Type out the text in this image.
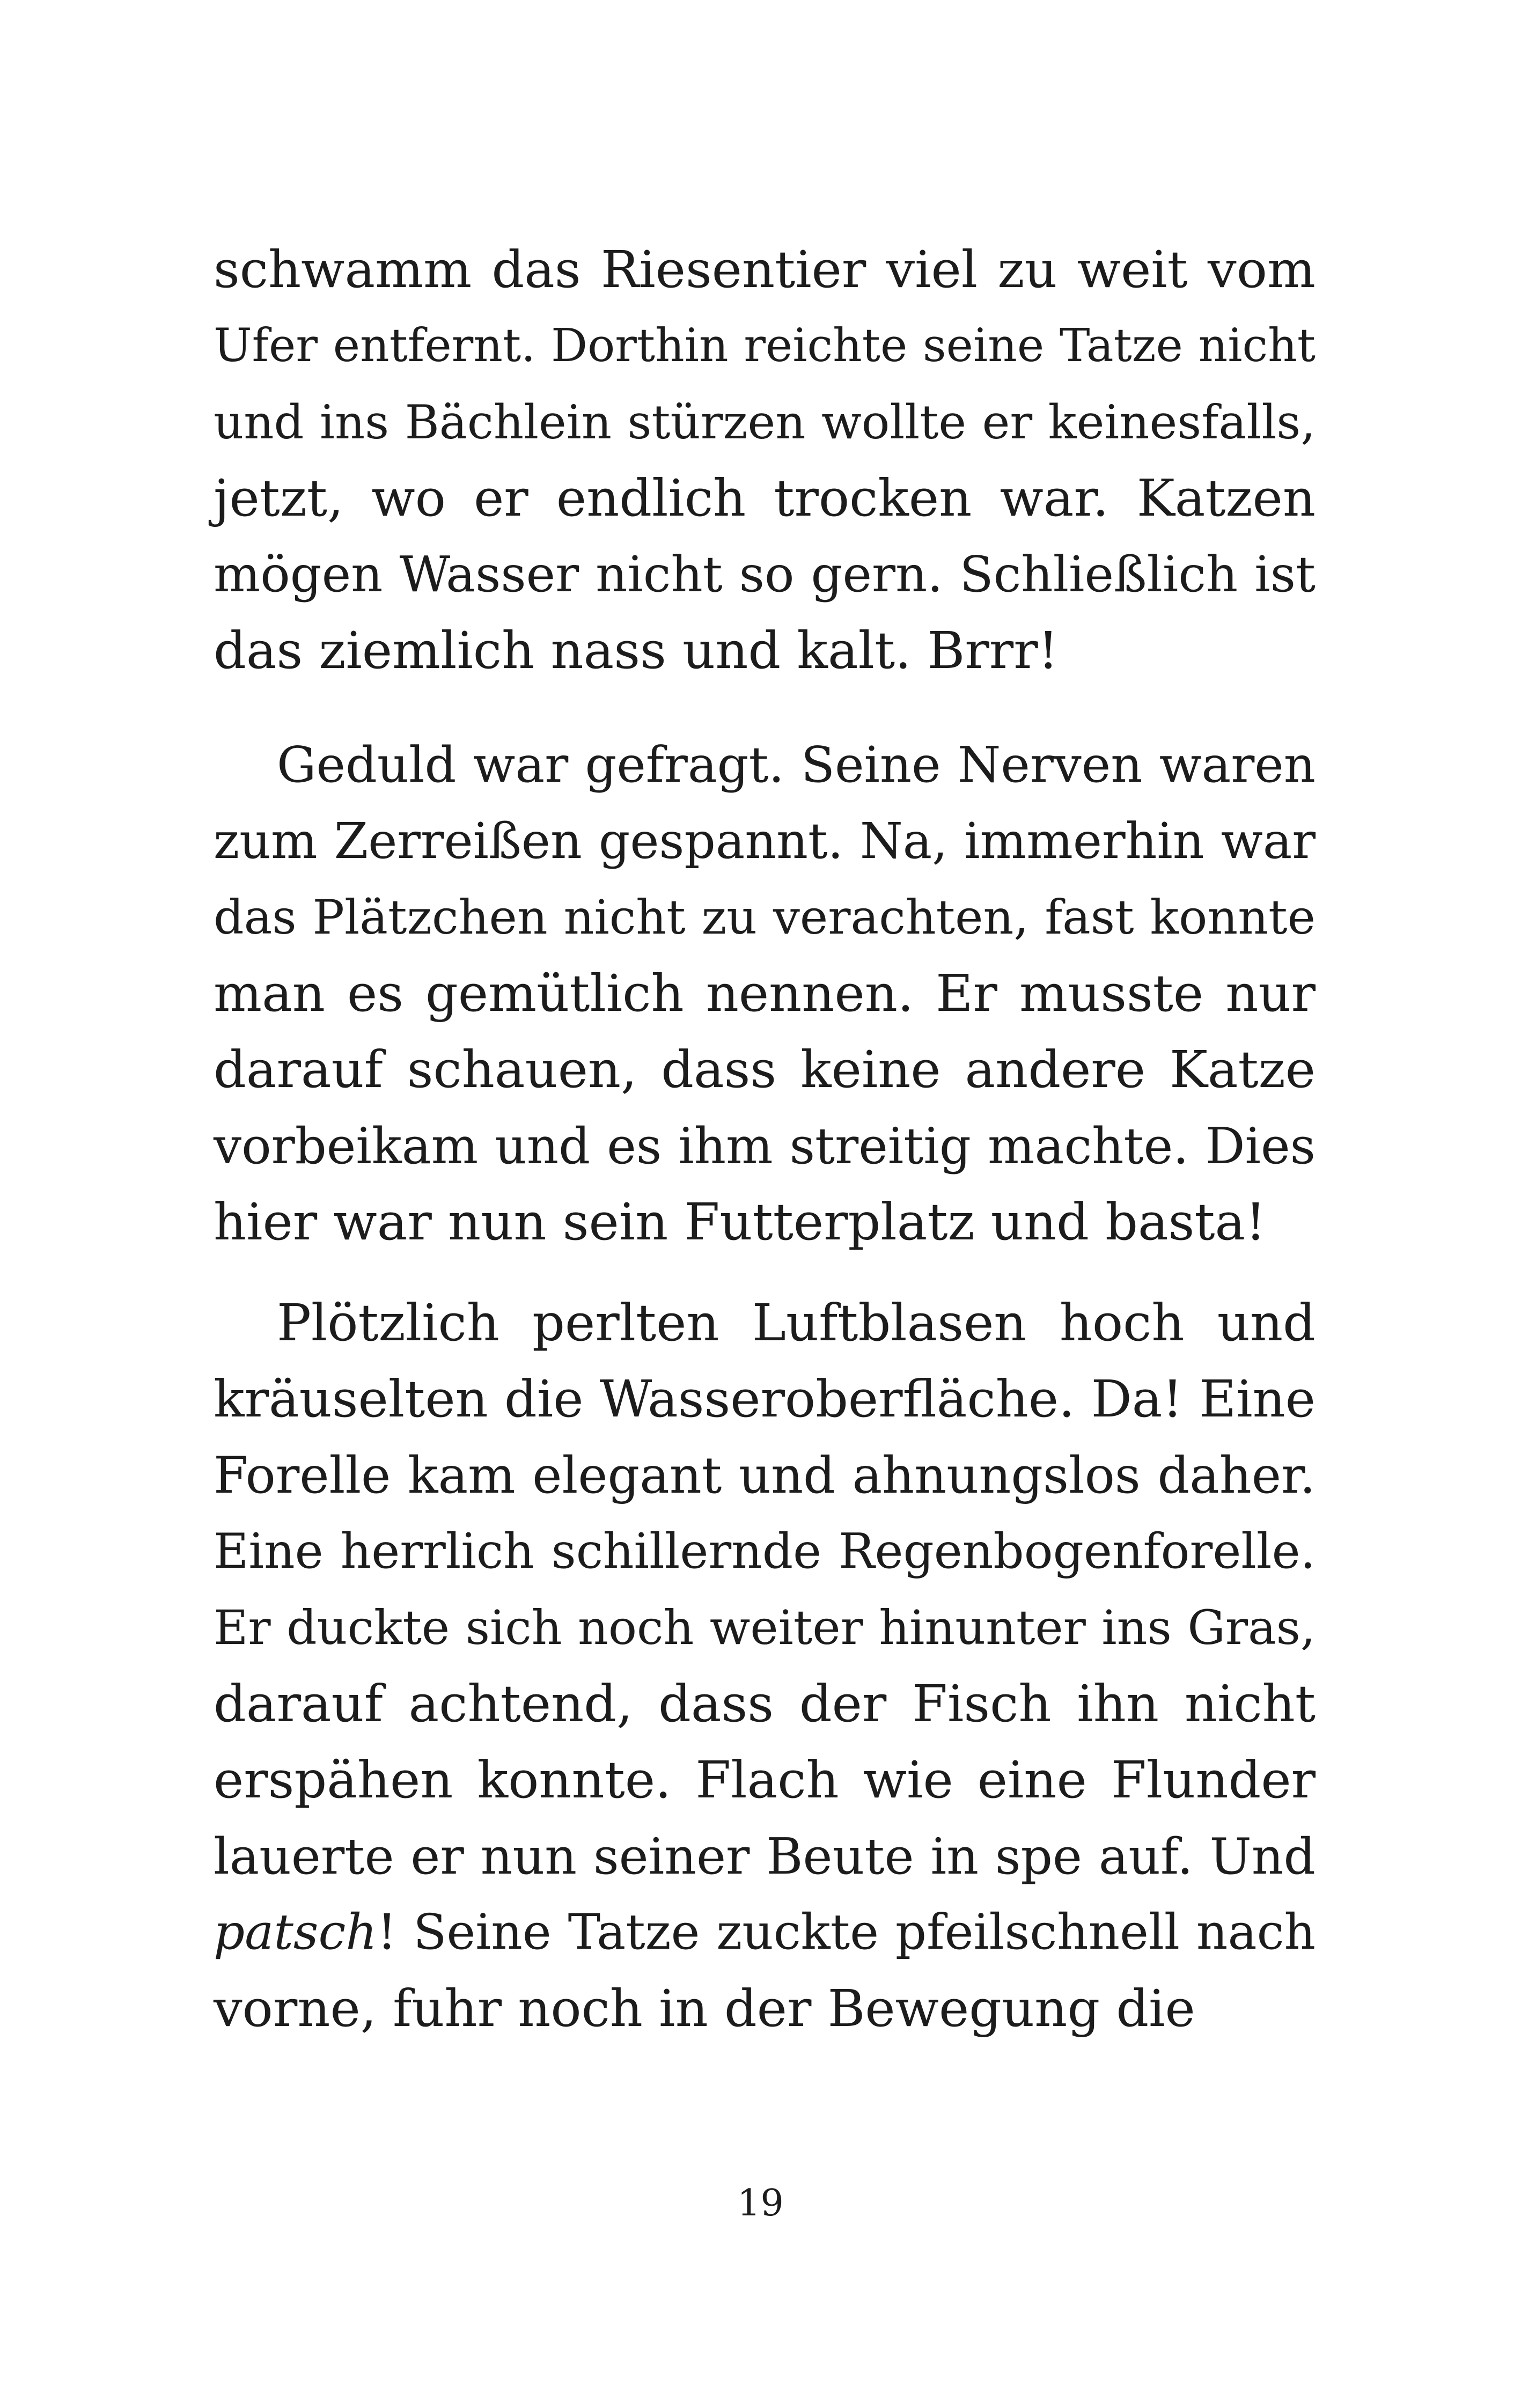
schwamm das Riesentier viel zu weit vom
Ufer entfernt. Dorthin reichte seine Tatze nicht
und ins Bächlein stürzen wollte er keinesfalls,
jetzt, wo er endlich trocken war. Katzen
mögen Wasser nicht so gern. Schließlich ist
das ziemlich nass und kalt. Brrr!
Geduld war gefragt. Seine Nerven waren
zum Zerreißen gespannt. Na, immerhin war
das Plätzchen nicht zu verachten, fast konnte
man es gemütlich nennen. Er musste nur
darauf schauen, dass keine andere Katze
vorbeikam und es ihm streitig machte. Dies
hier war nun sein Futterplatz und basta!
Plötzlich perlten Luftblasen hoch und
kräuselten die Wasseroberfläche. Da! Eine
Forelle kam elegant und ahnungslos daher.
Eine herrlich schillernde Regenbogenforelle.
Er duckte sich noch weiter hinunter ins Gras,
darauf achtend, dass der Fisch ihn nicht
erspähen konnte. Flach wie eine Flunder
lauerte er nun seiner Beute in spe auf. Und
patsch! Seine Tatze zuckte pfeilschnell nach
vorne, fuhr noch in der Bewegung die
19
